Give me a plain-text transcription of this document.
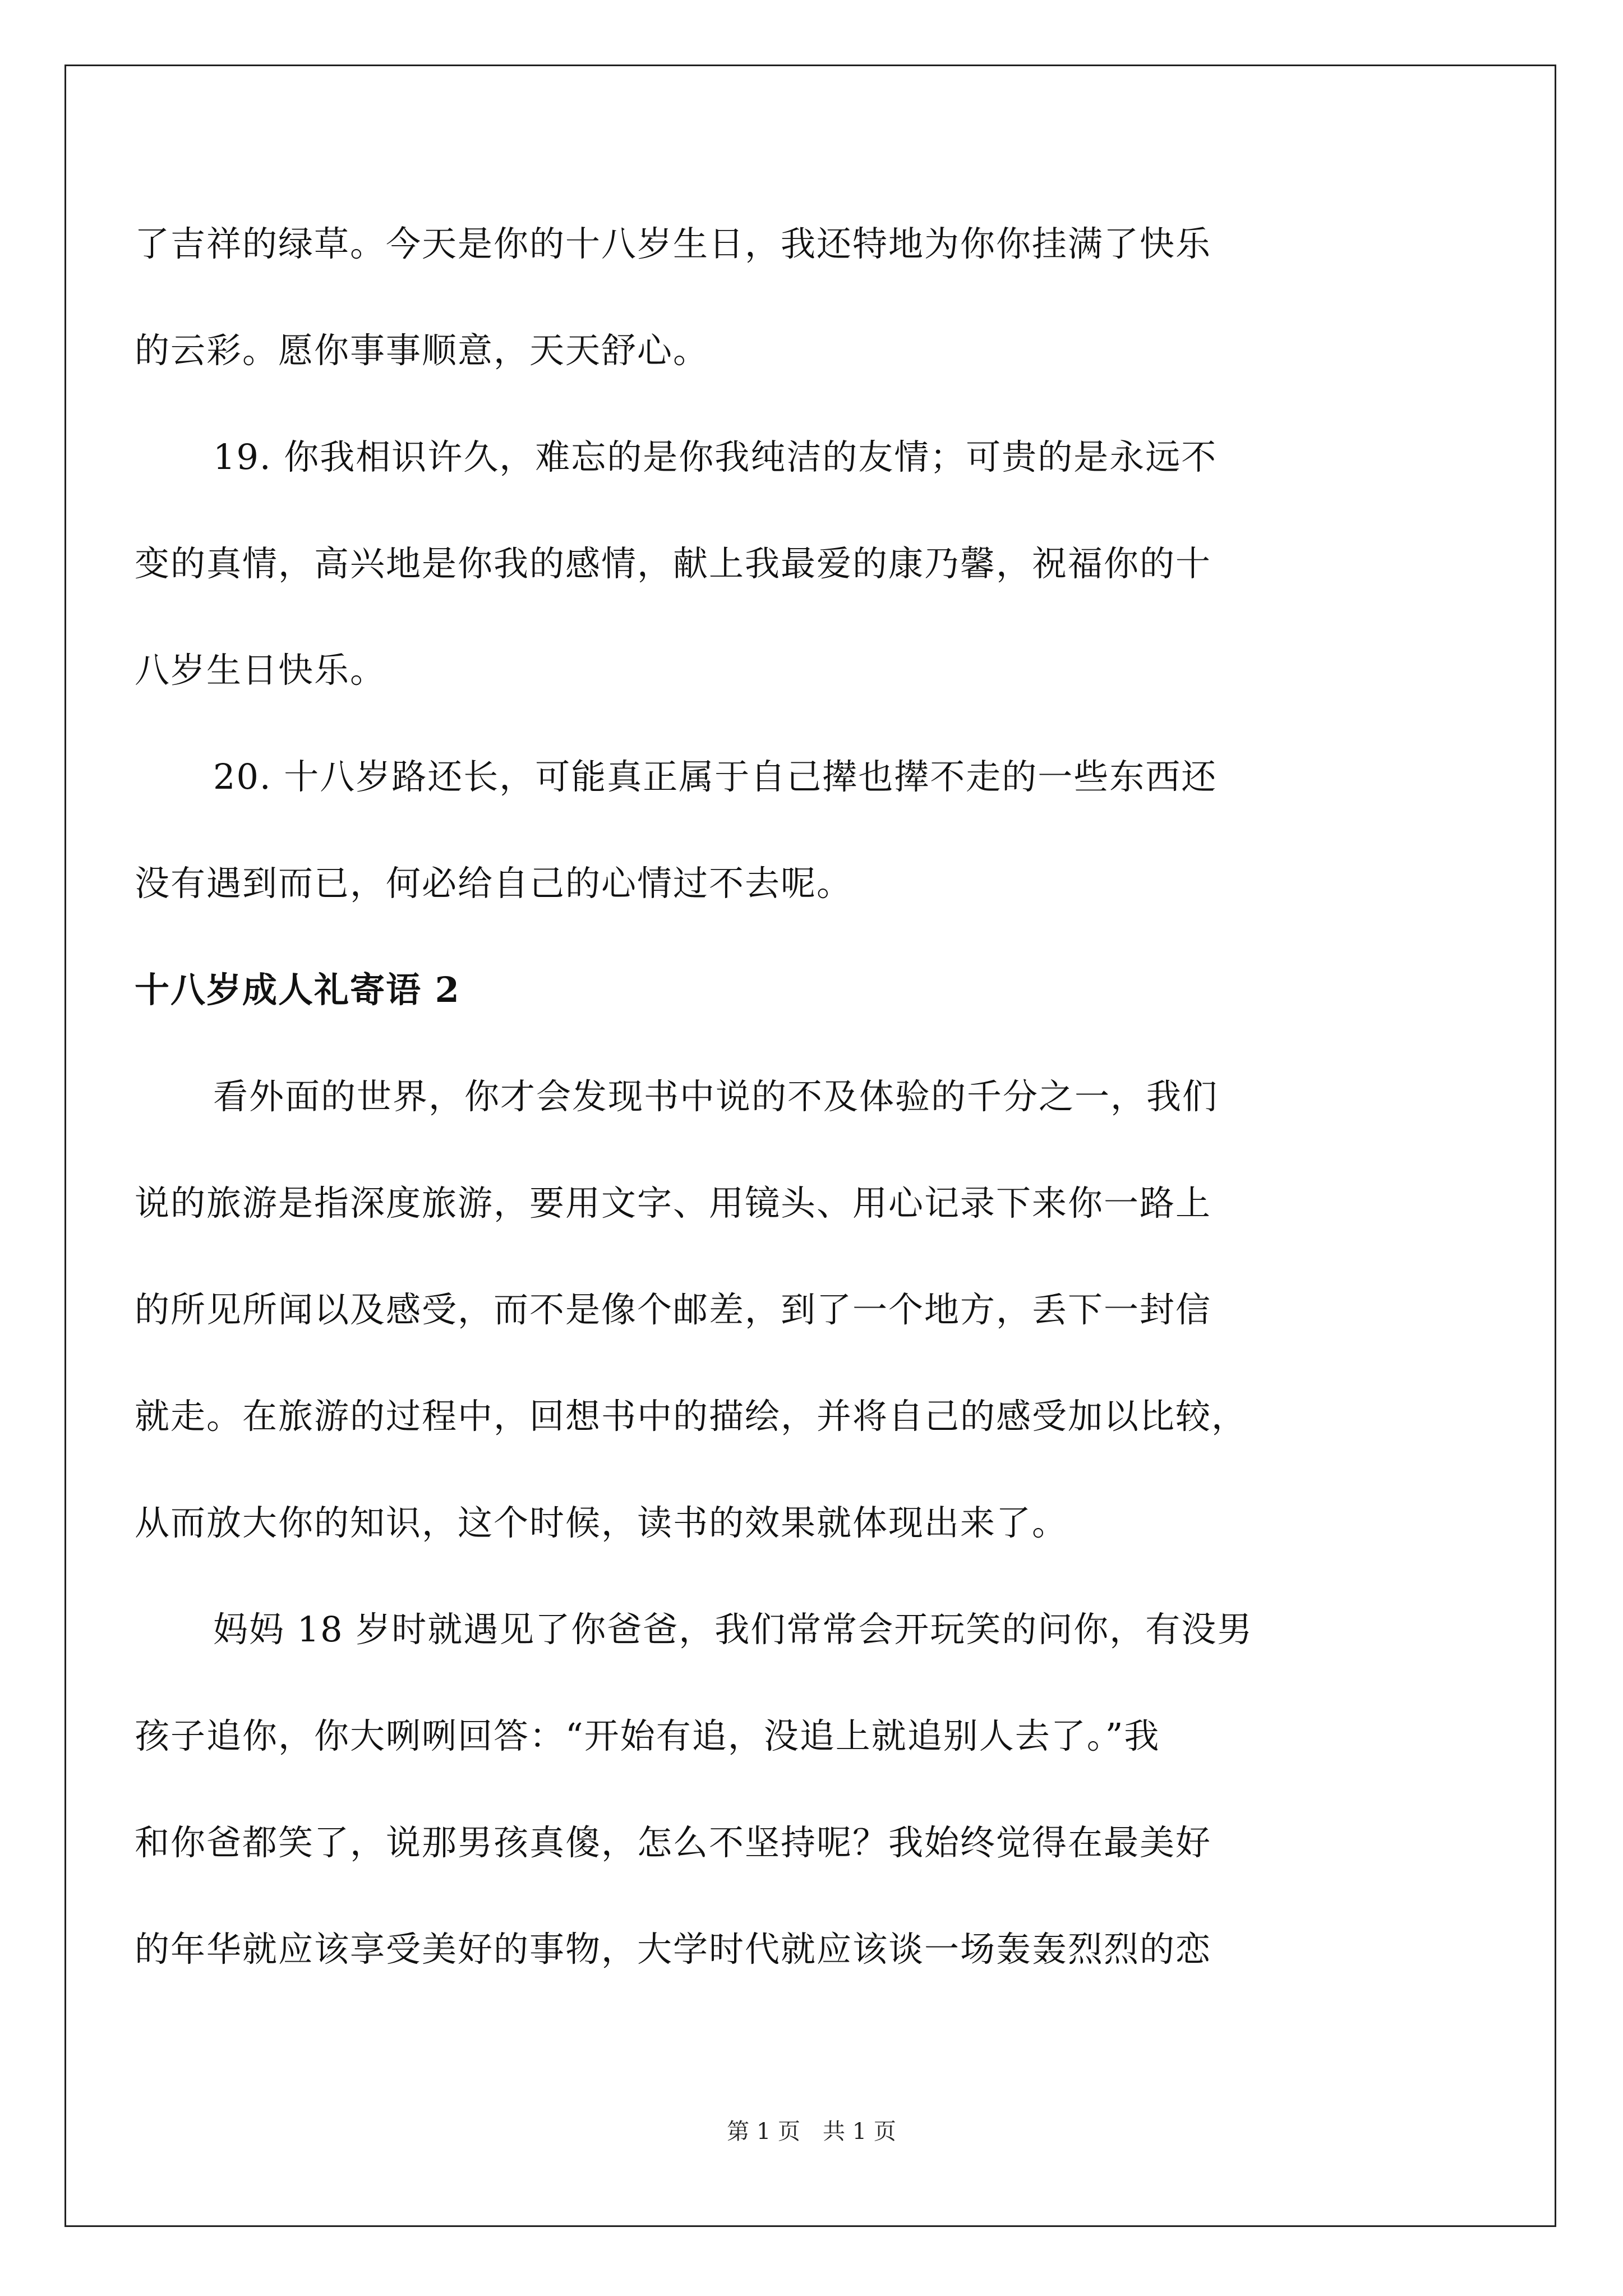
了吉祥的绿草。今天是你的十八岁生日，我还特地为你你挂满了快乐

的云彩。愿你事事顺意，天天舒心。

19. 你我相识许久，难忘的是你我纯洁的友情；可贵的是永远不

变的真情，高兴地是你我的感情，献上我最爱的康乃馨，祝福你的十

八岁生日快乐。

20. 十八岁路还长，可能真正属于自己撵也撵不走的一些东西还

没有遇到而已，何必给自己的心情过不去呢。

十八岁成人礼寄语 2

看外面的世界，你才会发现书中说的不及体验的千分之一，我们

说的旅游是指深度旅游，要用文字、用镜头、用心记录下来你一路上

的所见所闻以及感受，而不是像个邮差，到了一个地方，丢下一封信

就走。在旅游的过程中，回想书中的描绘，并将自己的感受加以比较，

从而放大你的知识，这个时候，读书的效果就体现出来了。

妈妈 18 岁时就遇见了你爸爸，我们常常会开玩笑的问你，有没男

孩子追你，你大咧咧回答：“开始有追，没追上就追别人去了。”我

和你爸都笑了，说那男孩真傻，怎么不坚持呢？我始终觉得在最美好

的年华就应该享受美好的事物，大学时代就应该谈一场轰轰烈烈的恋

第 1 页　共 1 页
